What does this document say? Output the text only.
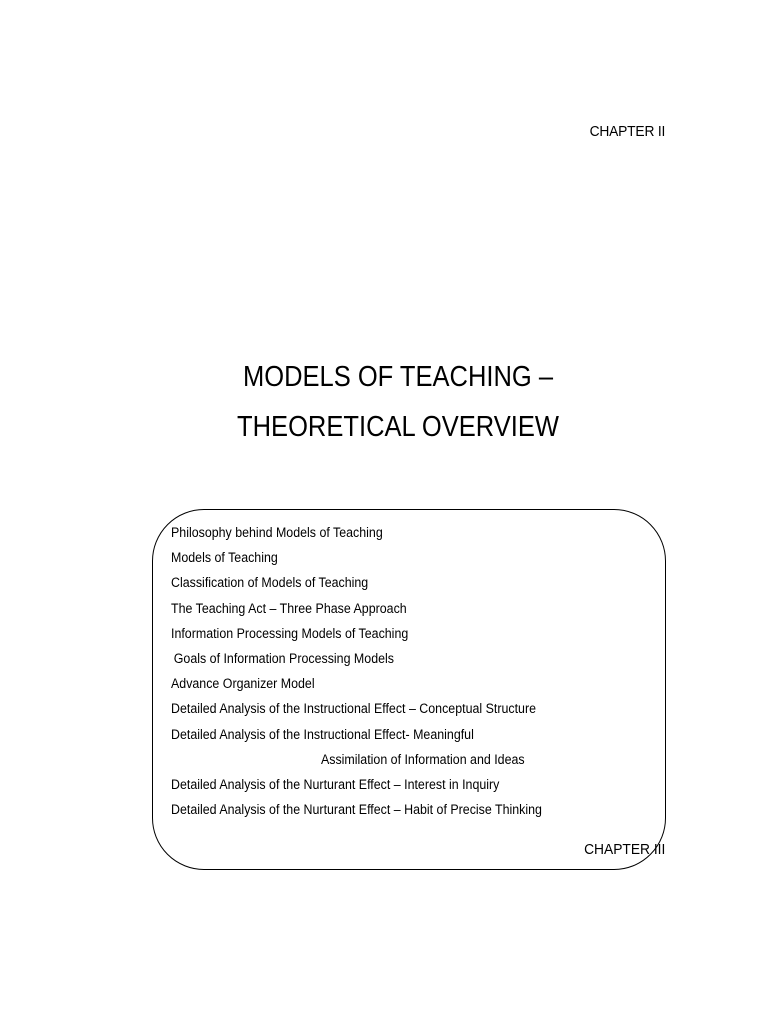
CHAPTER II
MODELS OF TEACHING –
THEORETICAL OVERVIEW
Philosophy behind Models of Teaching
Models of Teaching
Classification of Models of Teaching
The Teaching Act – Three Phase Approach
Information Processing Models of Teaching
Goals of Information Processing Models
Advance Organizer Model
Detailed Analysis of the Instructional Effect – Conceptual Structure
Detailed Analysis of the Instructional Effect- Meaningful
Assimilation of Information and Ideas
Detailed Analysis of the Nurturant Effect – Interest in Inquiry
Detailed Analysis of the Nurturant Effect – Habit of Precise Thinking
CHAPTER III
